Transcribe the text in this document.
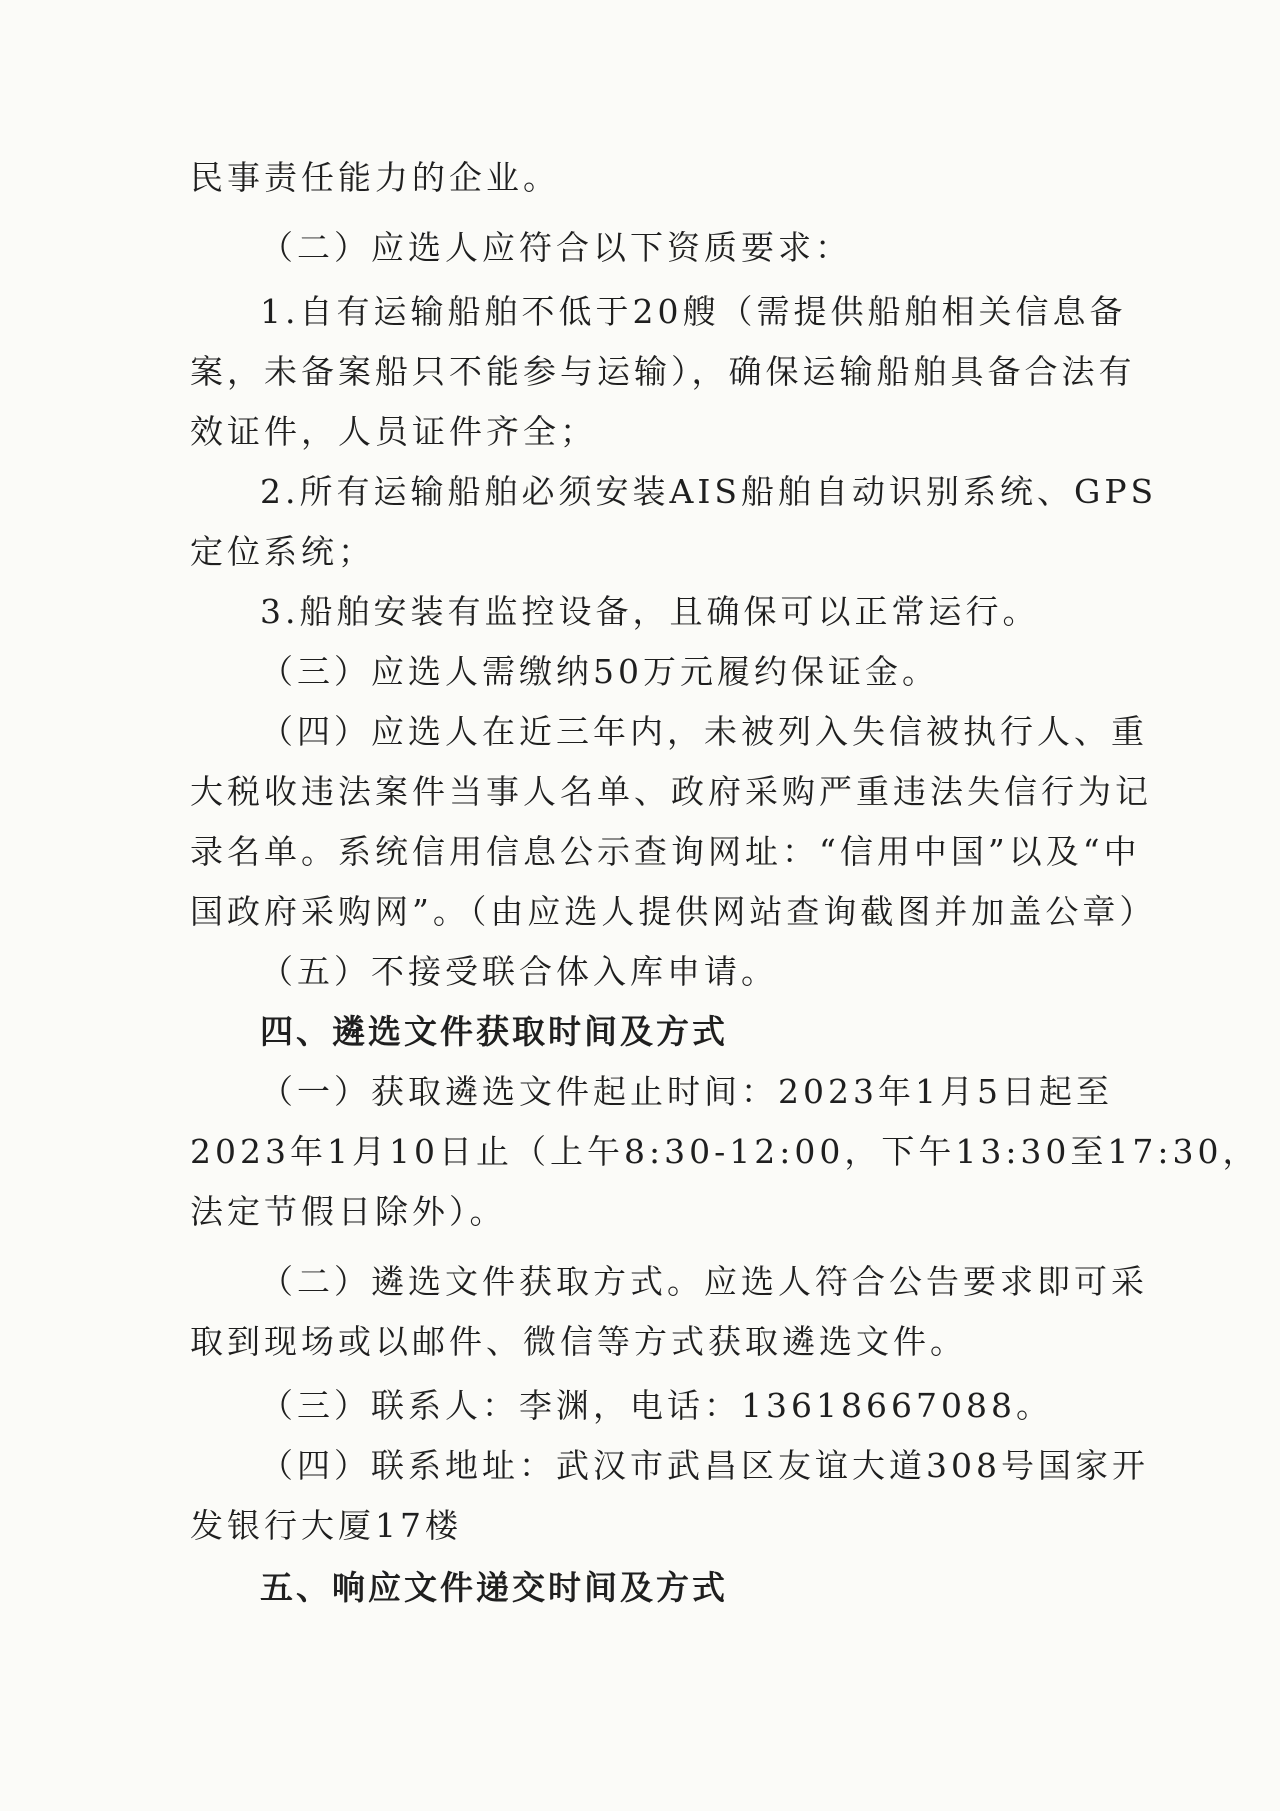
民事责任能力的企业。
（二）应选人应符合以下资质要求：
1.自有运输船舶不低于20艘（需提供船舶相关信息备
案，未备案船只不能参与运输），确保运输船舶具备合法有
效证件，人员证件齐全；
2.所有运输船舶必须安装AIS船舶自动识别系统、GPS
定位系统；
3.船舶安装有监控设备，且确保可以正常运行。
（三）应选人需缴纳50万元履约保证金。
（四）应选人在近三年内，未被列入失信被执行人、重
大税收违法案件当事人名单、政府采购严重违法失信行为记
录名单。系统信用信息公示查询网址：“信用中国”以及“中
国政府采购网”。（由应选人提供网站查询截图并加盖公章）
（五）不接受联合体入库申请。
四、遴选文件获取时间及方式
（一）获取遴选文件起止时间：2023年1月5日起至
2023年1月10日止（上午8:30-12:00，下午13:30至17:30，
法定节假日除外）。
（二）遴选文件获取方式。应选人符合公告要求即可采
取到现场或以邮件、微信等方式获取遴选文件。
（三）联系人：李渊，电话：13618667088。
（四）联系地址：武汉市武昌区友谊大道308号国家开
发银行大厦17楼
五、响应文件递交时间及方式
